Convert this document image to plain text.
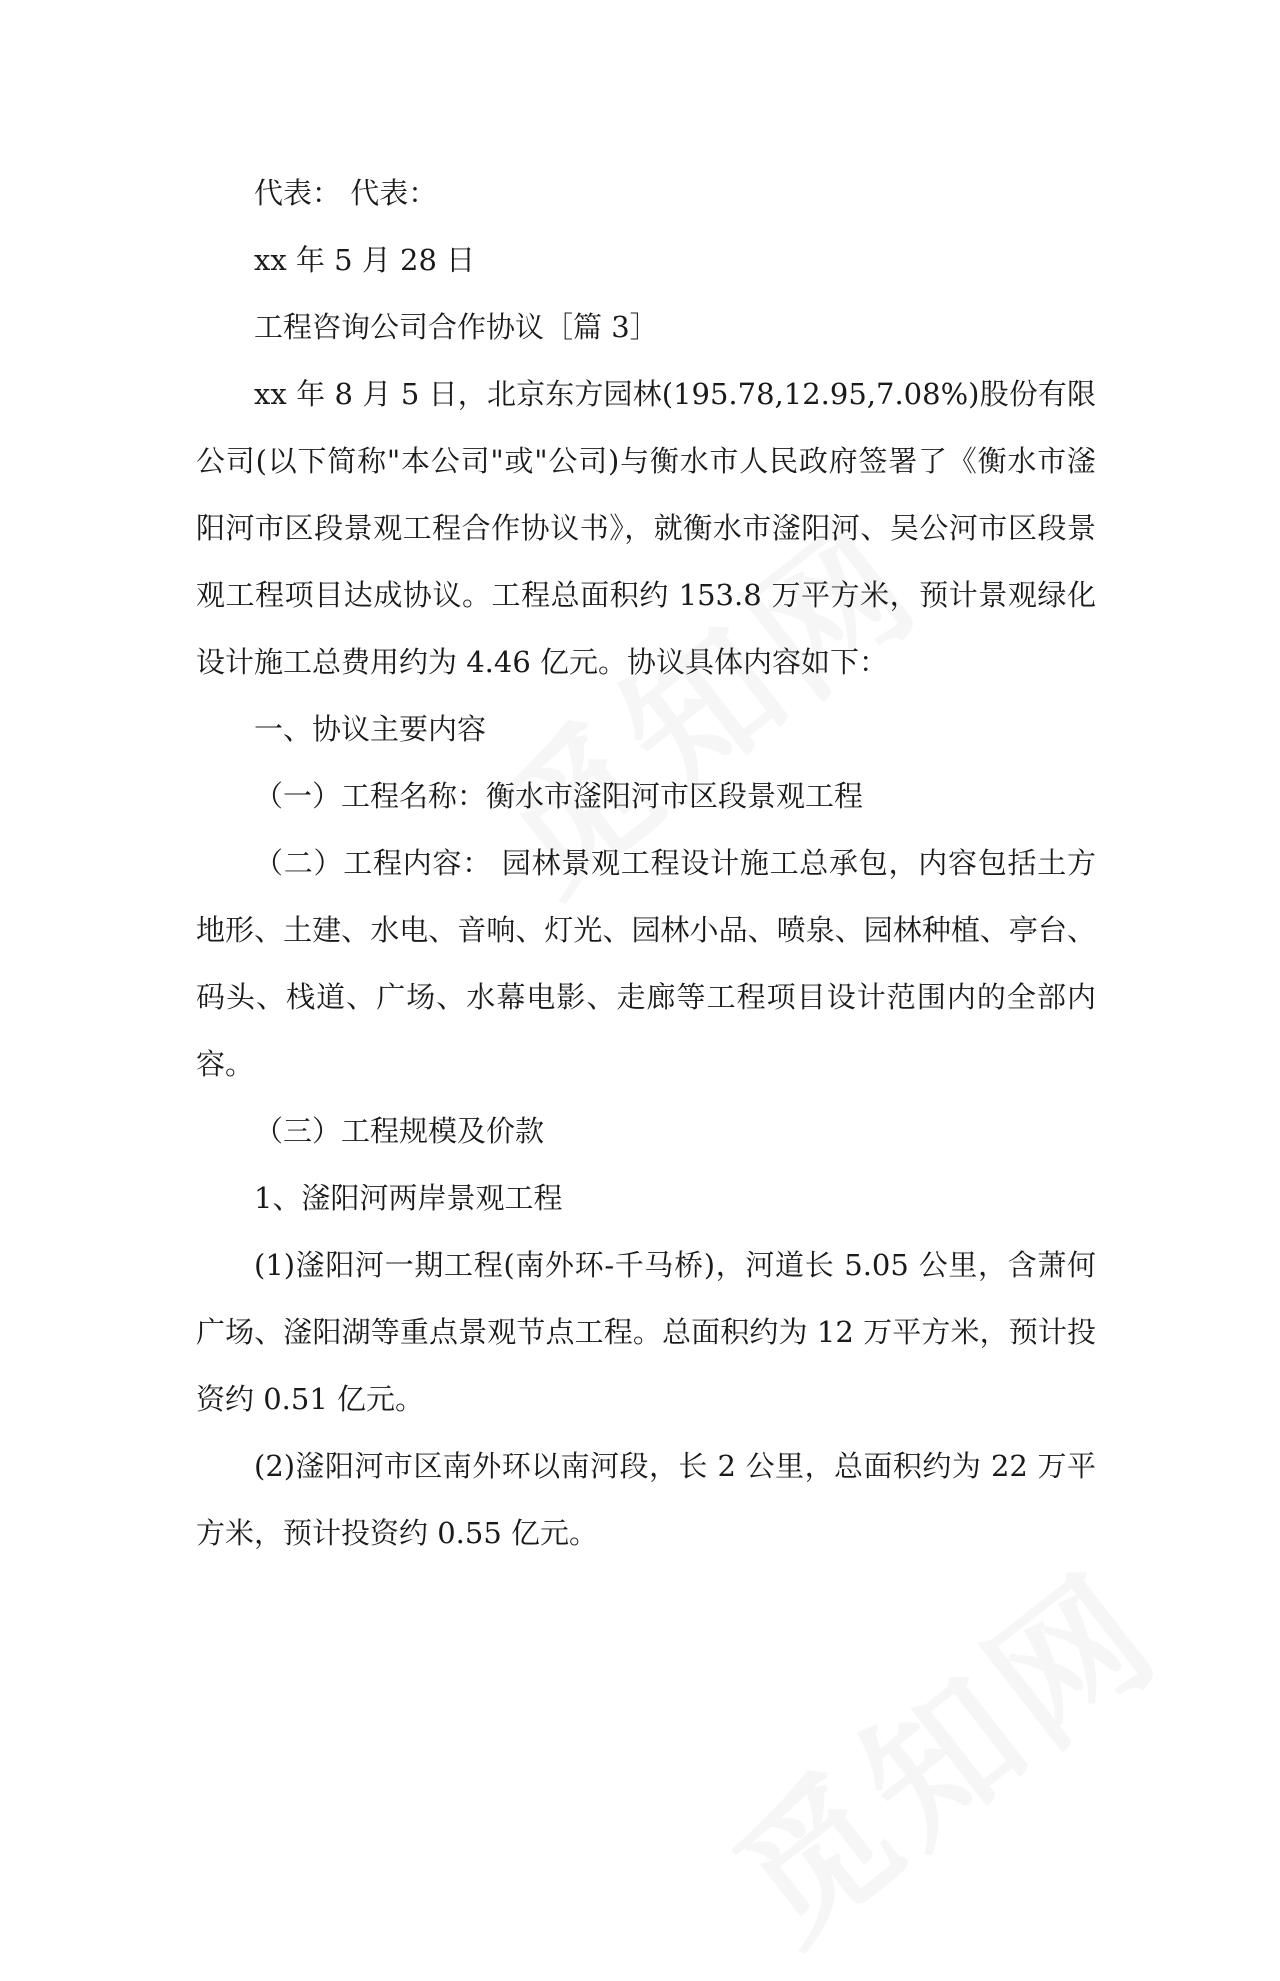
代表： 代表：

xx 年 5 月 28 日

工程咨询公司合作协议［篇 3］

xx 年 8 月 5 日，北京东方园林(195.78,12.95,7.08%)股份有限公司(以下简称"本公司"或"公司)与衡水市人民政府签署了《衡水市滏阳河市区段景观工程合作协议书》，就衡水市滏阳河、吴公河市区段景观工程项目达成协议。工程总面积约 153.8 万平方米，预计景观绿化设计施工总费用约为 4.46 亿元。协议具体内容如下：

一、协议主要内容

（一）工程名称：衡水市滏阳河市区段景观工程

（二）工程内容： 园林景观工程设计施工总承包，内容包括土方地形、土建、水电、音响、灯光、园林小品、喷泉、园林种植、亭台、码头、栈道、广场、水幕电影、走廊等工程项目设计范围内的全部内容。

（三）工程规模及价款

1、滏阳河两岸景观工程

(1)滏阳河一期工程(南外环-千马桥)，河道长 5.05 公里，含萧何广场、滏阳湖等重点景观节点工程。总面积约为 12 万平方米，预计投资约 0.51 亿元。

(2)滏阳河市区南外环以南河段，长 2 公里，总面积约为 22 万平方米，预计投资约 0.55 亿元。
